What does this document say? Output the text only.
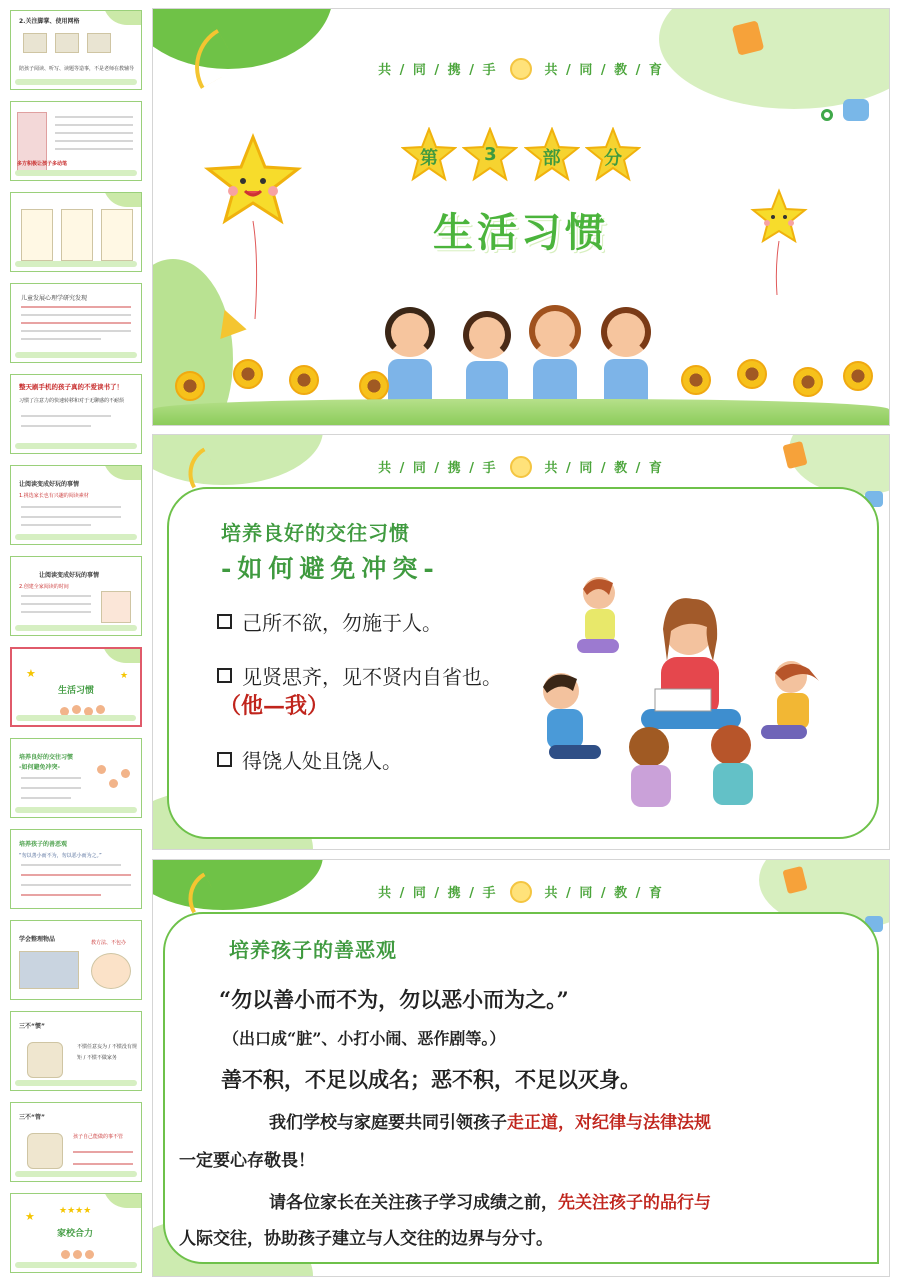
2.关注脚掌、使用网格
陪孩子阅读、听写、读题等造事，不是老师在教辅导
多方积极让孩子多动笔
儿童发展心理学研究发现
整天刷手机的孩子真的不爱读书了！
习惯了注意力的快速转移和对于无聊感的不耐烦
让阅读变成好玩的事情
1.挑选家长也有兴趣的阅读素材
让阅读变成好玩的事情
2.创建全家阅读的时间
★	★
生活习惯
培养良好的交往习惯
-如何避免冲突-
培养孩子的善恶观
“勿以善小而不为，勿以恶小而为之。”
学会整理物品	教方法、不包办
三不“惯”
不惯任意妄为 / 不惯没有规矩 / 不惯不做家务
三不“管”
孩子自己能做的事不管
★	★★★★
家校合力
共 / 同 / 携 / 手	共 / 同 / 教 / 育
第	3	部	分
生活习惯
共 / 同 / 携 / 手	共 / 同 / 教 / 育
培养良好的交往习惯
-如何避免冲突-
己所不欲，勿施于人。
见贤思齐，见不贤内自省也。
（他—我）
得饶人处且饶人。
共 / 同 / 携 / 手	共 / 同 / 教 / 育
培养孩子的善恶观
“勿以善小而不为，勿以恶小而为之。”
（出口成“脏”、小打小闹、恶作剧等。）
善不积，不足以成名；恶不积，不足以灭身。
我们学校与家庭要共同引领孩子走正道，对纪律与法律法规
一定要心存敬畏！
请各位家长在关注孩子学习成绩之前，先关注孩子的品行与
人际交往，协助孩子建立与人交往的边界与分寸。
